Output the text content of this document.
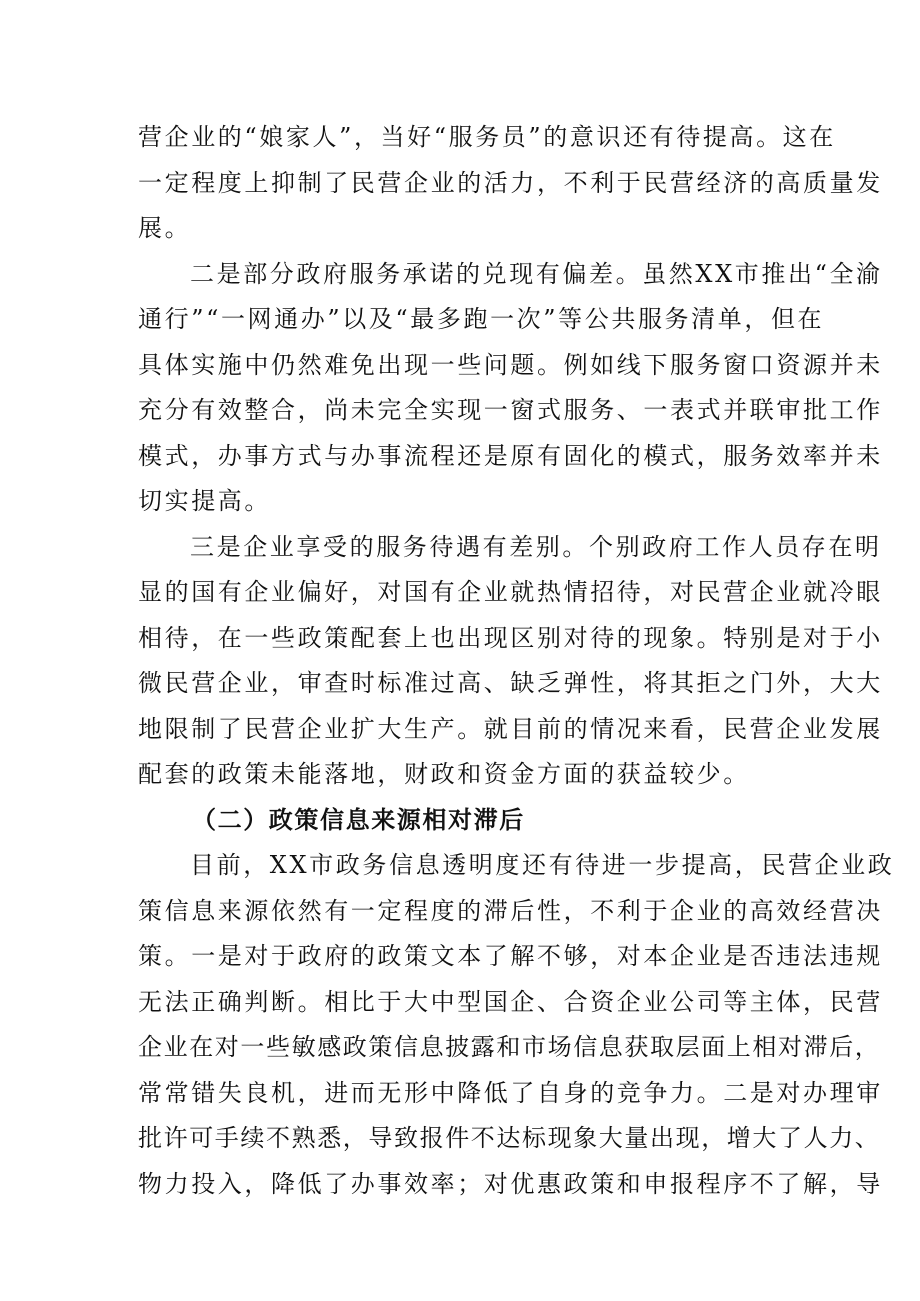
营企业的“娘家人”，当好“服务员”的意识还有待提高。这在
一定程度上抑制了民营企业的活力，不利于民营经济的高质量发
展。
二是部分政府服务承诺的兑现有偏差。虽然XX市推出“全渝
通行”“一网通办”以及“最多跑一次”等公共服务清单，但在
具体实施中仍然难免出现一些问题。例如线下服务窗口资源并未
充分有效整合，尚未完全实现一窗式服务、一表式并联审批工作
模式，办事方式与办事流程还是原有固化的模式，服务效率并未
切实提高。
三是企业享受的服务待遇有差别。个别政府工作人员存在明
显的国有企业偏好，对国有企业就热情招待，对民营企业就冷眼
相待，在一些政策配套上也出现区别对待的现象。特别是对于小
微民营企业，审查时标准过高、缺乏弹性，将其拒之门外，大大
地限制了民营企业扩大生产。就目前的情况来看，民营企业发展
配套的政策未能落地，财政和资金方面的获益较少。
（二）政策信息来源相对滞后
目前，XX市政务信息透明度还有待进一步提高，民营企业政
策信息来源依然有一定程度的滞后性，不利于企业的高效经营决
策。一是对于政府的政策文本了解不够，对本企业是否违法违规
无法正确判断。相比于大中型国企、合资企业公司等主体，民营
企业在对一些敏感政策信息披露和市场信息获取层面上相对滞后，
常常错失良机，进而无形中降低了自身的竞争力。二是对办理审
批许可手续不熟悉，导致报件不达标现象大量出现，增大了人力、
物力投入，降低了办事效率；对优惠政策和申报程序不了解，导
